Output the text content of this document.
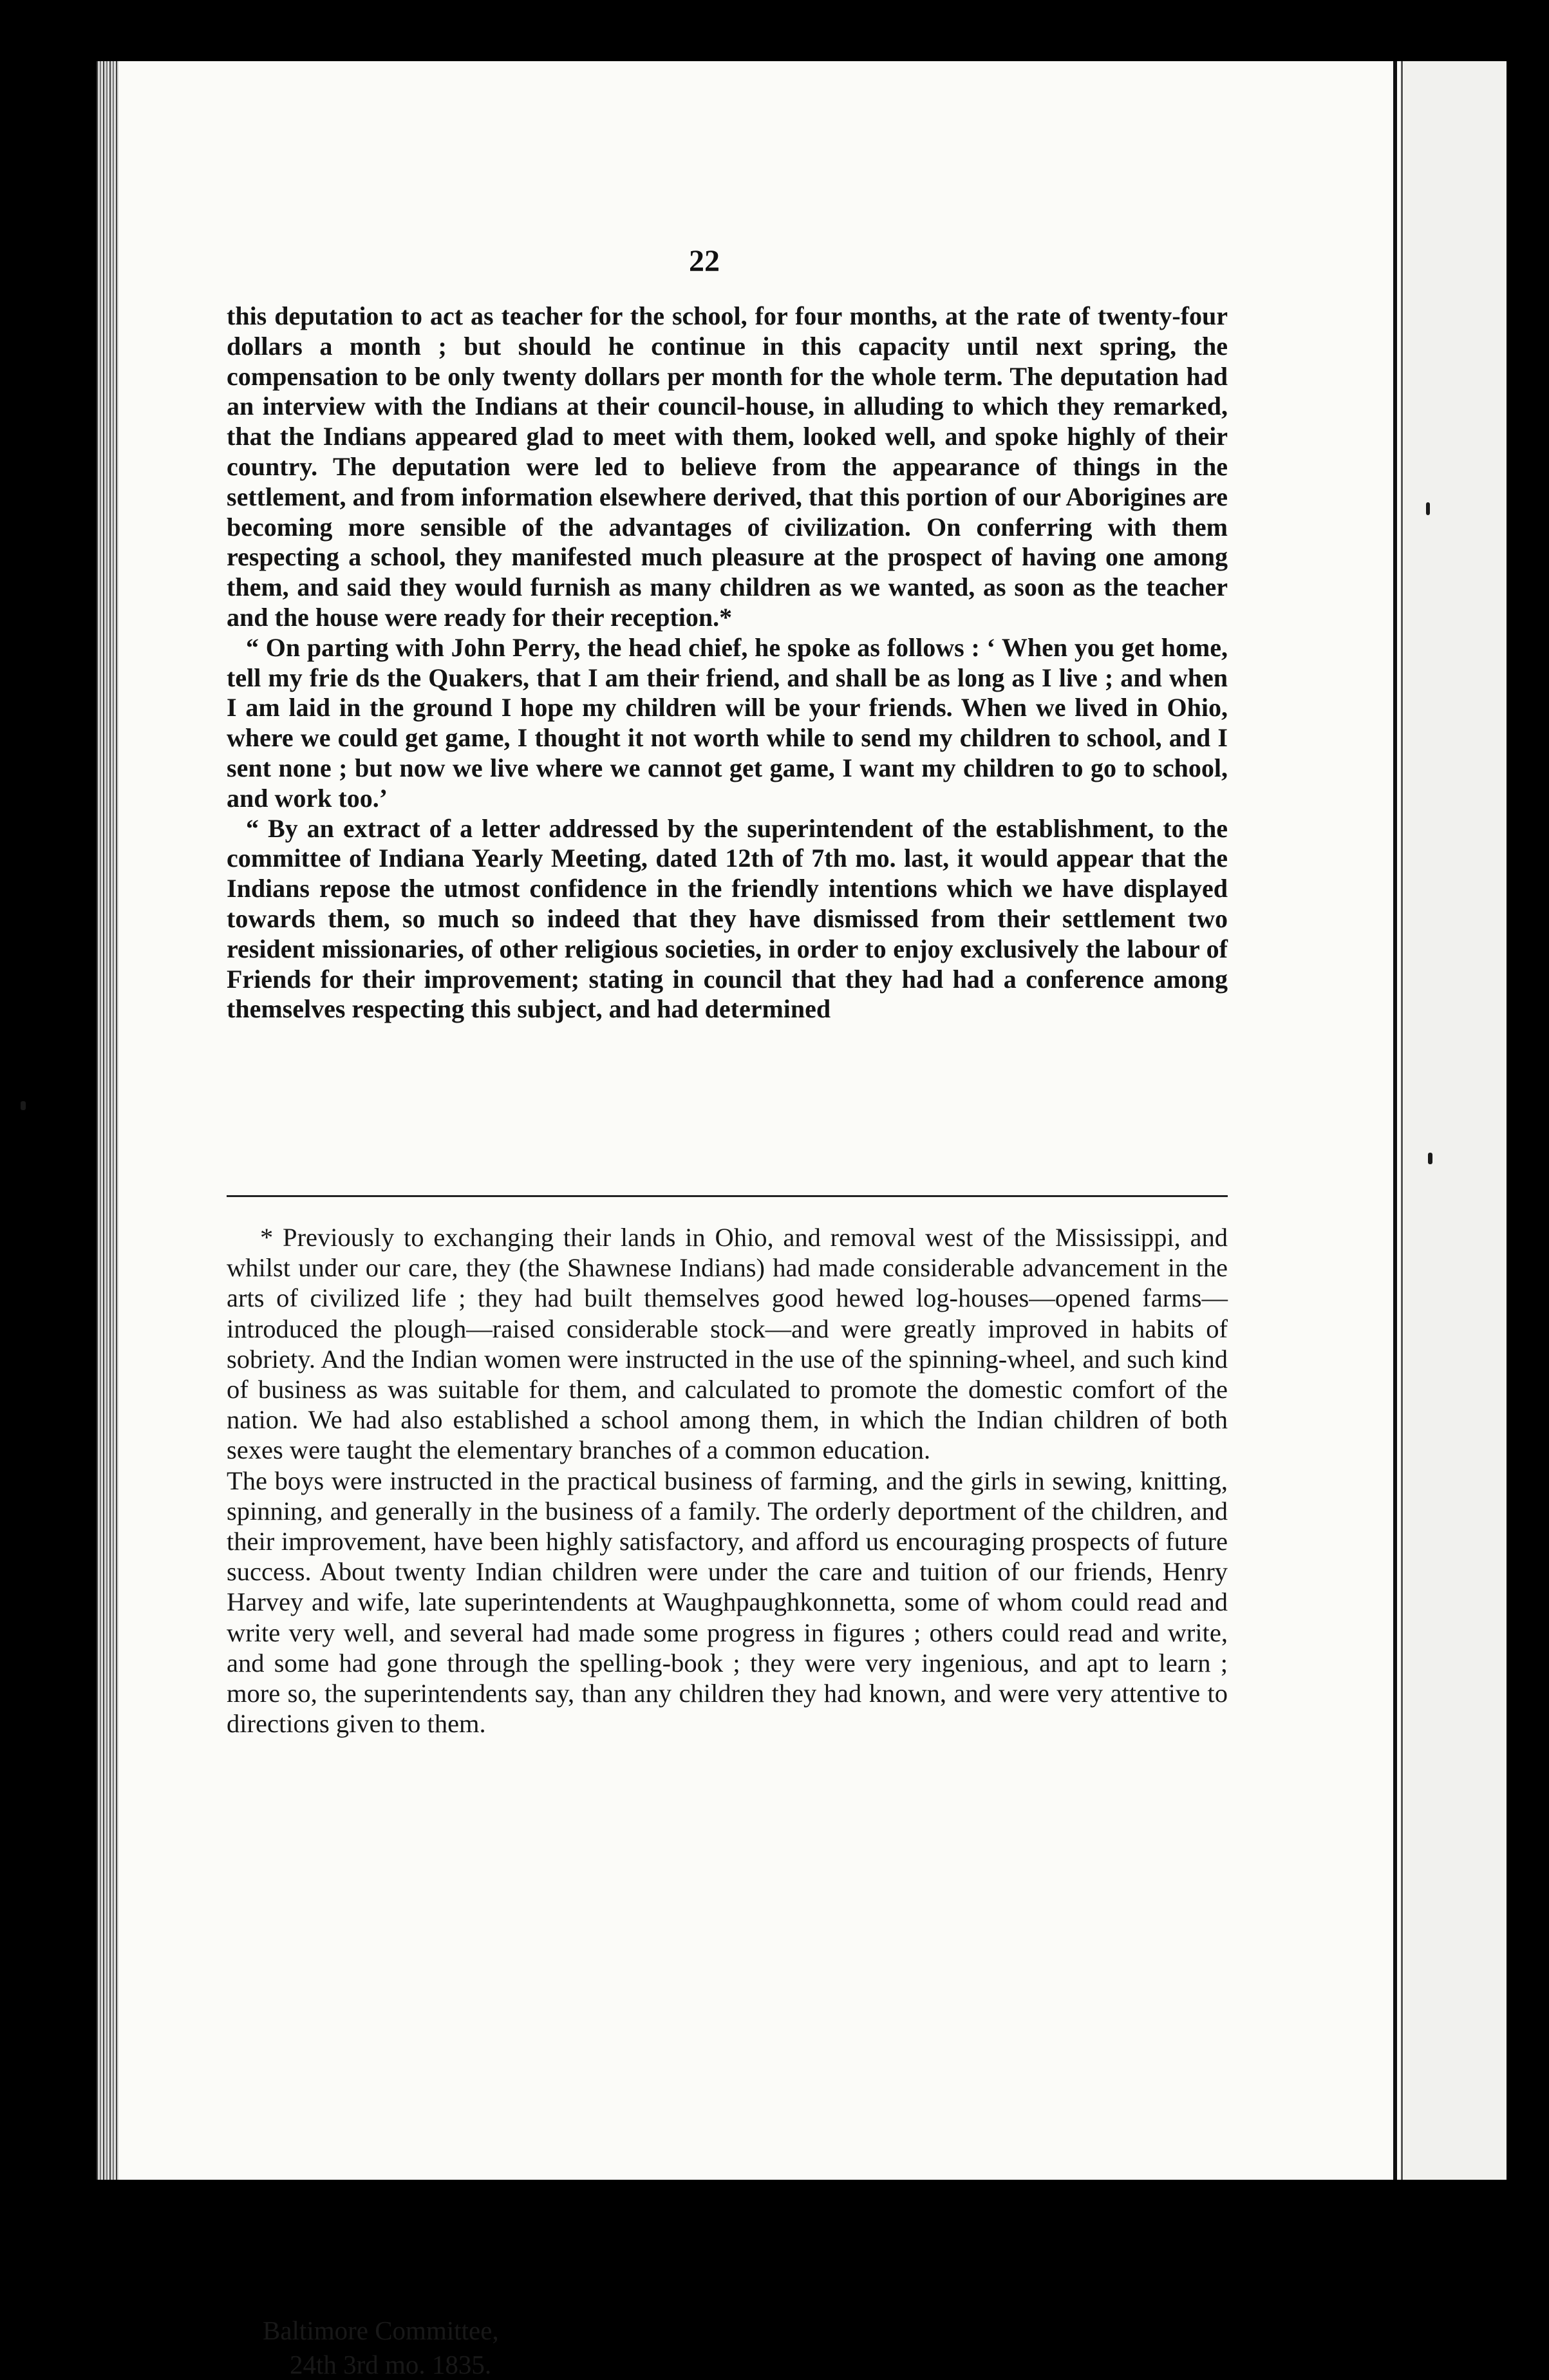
22

this deputation to act as teacher for the school, for four months, at the rate of twenty-four dollars a month ; but should he continue in this capacity until next spring, the compensation to be only twenty dollars per month for the whole term. The deputation had an interview with the Indians at their council-house, in alluding to which they remarked, that the Indians appeared glad to meet with them, looked well, and spoke highly of their country. The deputation were led to believe from the appearance of things in the settlement, and from information elsewhere derived, that this portion of our Aborigines are becoming more sensible of the advantages of civilization. On conferring with them respecting a school, they manifested much pleasure at the prospect of having one among them, and said they would furnish as many children as we wanted, as soon as the teacher and the house were ready for their reception.*

“ On parting with John Perry, the head chief, he spoke as follows : ‘ When you get home, tell my frie ds the Quakers, that I am their friend, and shall be as long as I live ; and when I am laid in the ground I hope my children will be your friends. When we lived in Ohio, where we could get game, I thought it not worth while to send my children to school, and I sent none ; but now we live where we cannot get game, I want my children to go to school, and work too.’

“ By an extract of a letter addressed by the superintendent of the establishment, to the committee of Indiana Yearly Meeting, dated 12th of 7th mo. last, it would appear that the Indians repose the utmost confidence in the friendly intentions which we have displayed towards them, so much so indeed that they have dismissed from their settlement two resident missionaries, of other religious societies, in order to enjoy exclusively the labour of Friends for their improvement; stating in council that they had had a conference among themselves respecting this subject, and had determined

* Previously to exchanging their lands in Ohio, and removal west of the Mississippi, and whilst under our care, they (the Shawnese Indians) had made considerable advancement in the arts of civilized life ; they had built themselves good hewed log-houses—opened farms—introduced the plough—raised considerable stock—and were greatly improved in habits of sobriety. And the Indian women were instructed in the use of the spinning-wheel, and such kind of business as was suitable for them, and calculated to promote the domestic comfort of the nation. We had also established a school among them, in which the Indian children of both sexes were taught the elementary branches of a common education.

The boys were instructed in the practical business of farming, and the girls in sewing, knitting, spinning, and generally in the business of a family. The orderly deportment of the children, and their improvement, have been highly satisfactory, and afford us encouraging prospects of future success. About twenty Indian children were under the care and tuition of our friends, Henry Harvey and wife, late superintendents at Waughpaughkonnetta, some of whom could read and write very well, and several had made some progress in figures ; others could read and write, and some had gone through the spelling-book ; they were very ingenious, and apt to learn ; more so, the superintendents say, than any children they had known, and were very attentive to directions given to them.

Baltimore Committee,
24th 3rd mo. 1835.
